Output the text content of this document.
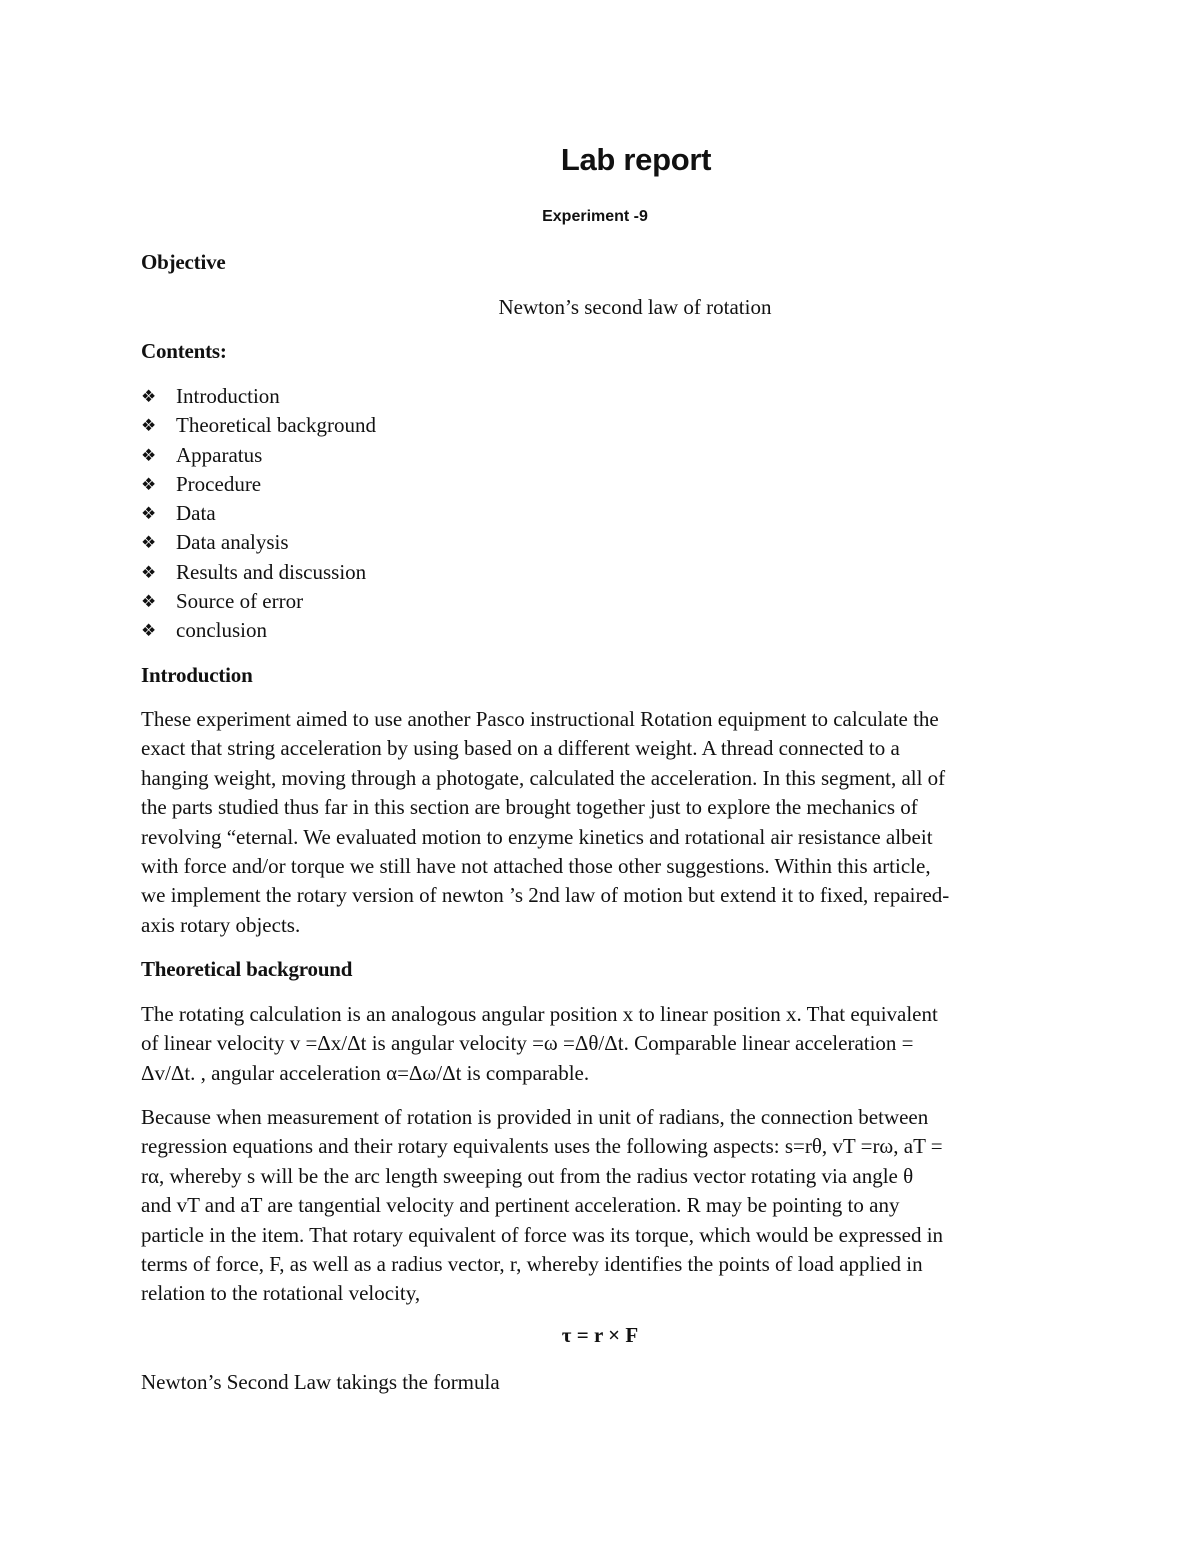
Lab report
Experiment -9
Objective
Newton’s second law of rotation
Contents:
❖ Introduction
❖ Theoretical background
❖ Apparatus
❖ Procedure
❖ Data
❖ Data analysis
❖ Results and discussion
❖ Source of error
❖ conclusion
Introduction
These experiment aimed to use another Pasco instructional Rotation equipment to calculate the
exact that string acceleration by using based on a different weight. A thread connected to a
hanging weight, moving through a photogate, calculated the acceleration. In this segment, all of
the parts studied thus far in this section are brought together just to explore the mechanics of
revolving “eternal. We evaluated motion to enzyme kinetics and rotational air resistance albeit
with force and/or torque we still have not attached those other suggestions. Within this article,
we implement the rotary version of newton ’s 2nd law of motion but extend it to fixed, repaired-
axis rotary objects.
Theoretical background
The rotating calculation is an analogous angular position x to linear position x. That equivalent
of linear velocity v =Δx/Δt is angular velocity =ω =Δθ/Δt. Comparable linear acceleration =
Δv/Δt. , angular acceleration α=Δω/Δt is comparable.
Because when measurement of rotation is provided in unit of radians, the connection between
regression equations and their rotary equivalents uses the following aspects: s=rθ, vT =rω, aT =
rα, whereby s will be the arc length sweeping out from the radius vector rotating via angle θ
and vT and aT are tangential velocity and pertinent acceleration. R may be pointing to any
particle in the item. That rotary equivalent of force was its torque, which would be expressed in
terms of force, F, as well as a radius vector, r, whereby identifies the points of load applied in
relation to the rotational velocity,
τ = r × F
Newton’s Second Law takings the formula
